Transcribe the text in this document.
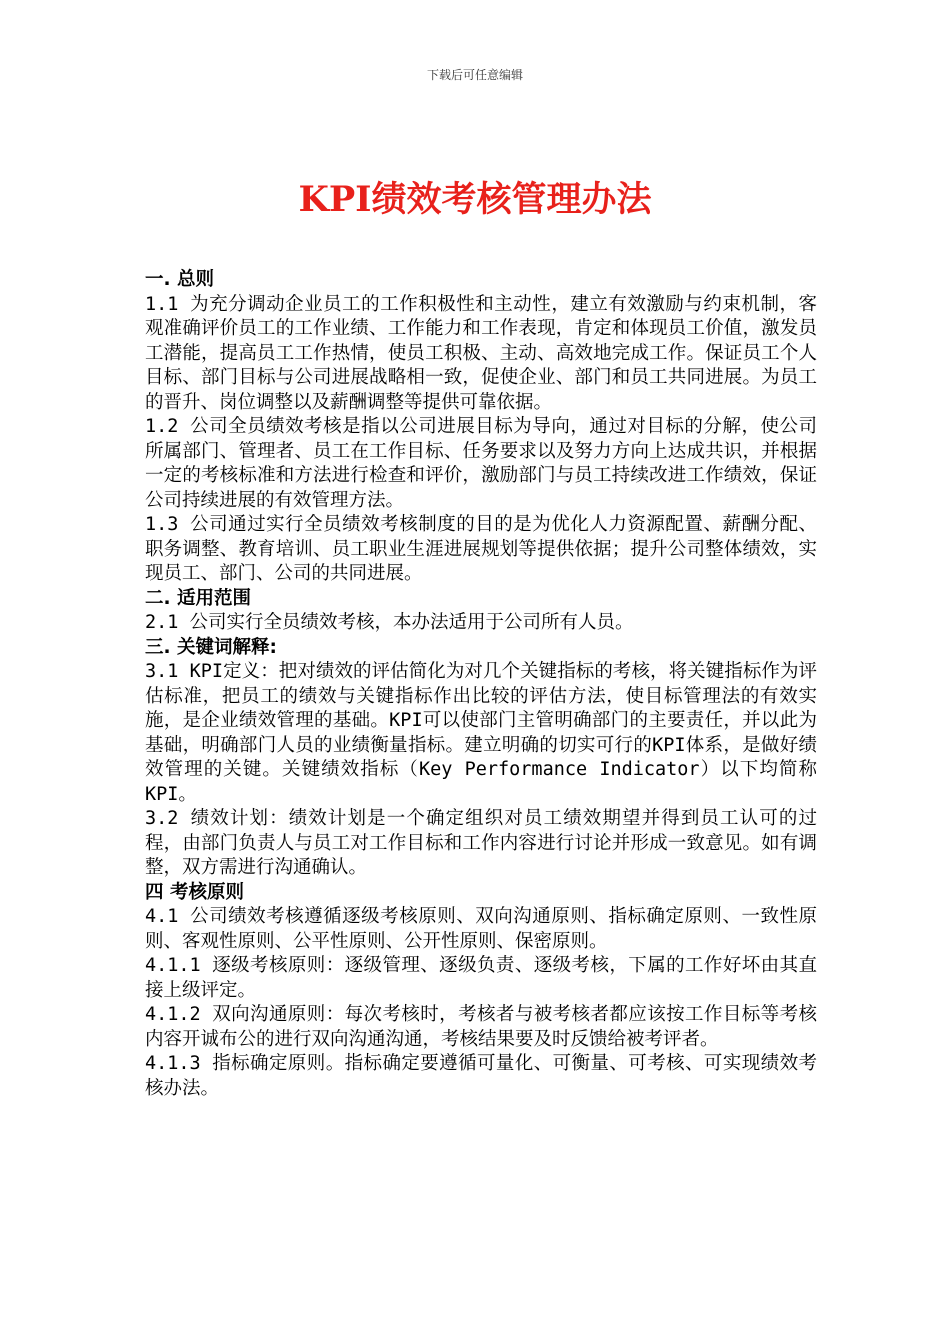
下载后可任意编辑
KPI绩效考核管理办法
一. 总则

1.1 为充分调动企业员工的工作积极性和主动性，建立有效激励与约束机制，客观准确评价员工的工作业绩、工作能力和工作表现，肯定和体现员工价值，激发员工潜能，提高员工工作热情，使员工积极、主动、高效地完成工作。保证员工个人目标、部门目标与公司进展战略相一致，促使企业、部门和员工共同进展。为员工的晋升、岗位调整以及薪酬调整等提供可靠依据。

1.2 公司全员绩效考核是指以公司进展目标为导向，通过对目标的分解，使公司所属部门、管理者、员工在工作目标、任务要求以及努力方向上达成共识，并根据一定的考核标准和方法进行检查和评价，激励部门与员工持续改进工作绩效，保证公司持续进展的有效管理方法。

1.3 公司通过实行全员绩效考核制度的目的是为优化人力资源配置、薪酬分配、职务调整、教育培训、员工职业生涯进展规划等提供依据；提升公司整体绩效，实现员工、部门、公司的共同进展。

二. 适用范围

2.1 公司实行全员绩效考核，本办法适用于公司所有人员。

三. 关键词解释:

3.1 KPI定义：把对绩效的评估简化为对几个关键指标的考核，将关键指标作为评估标准，把员工的绩效与关键指标作出比较的评估方法，使目标管理法的有效实施，是企业绩效管理的基础。KPI可以使部门主管明确部门的主要责任，并以此为基础，明确部门人员的业绩衡量指标。建立明确的切实可行的KPI体系，是做好绩效管理的关键。关键绩效指标（Key Performance Indicator）以下均简称KPI。

3.2 绩效计划：绩效计划是一个确定组织对员工绩效期望并得到员工认可的过程，由部门负责人与员工对工作目标和工作内容进行讨论并形成一致意见。如有调整，双方需进行沟通确认。

四 考核原则

4.1 公司绩效考核遵循逐级考核原则、双向沟通原则、指标确定原则、一致性原则、客观性原则、公平性原则、公开性原则、保密原则。

4.1.1 逐级考核原则：逐级管理、逐级负责、逐级考核，下属的工作好坏由其直接上级评定。

4.1.2 双向沟通原则：每次考核时，考核者与被考核者都应该按工作目标等考核内容开诚布公的进行双向沟通沟通，考核结果要及时反馈给被考评者。

4.1.3 指标确定原则。指标确定要遵循可量化、可衡量、可考核、可实现绩效考核办法。
